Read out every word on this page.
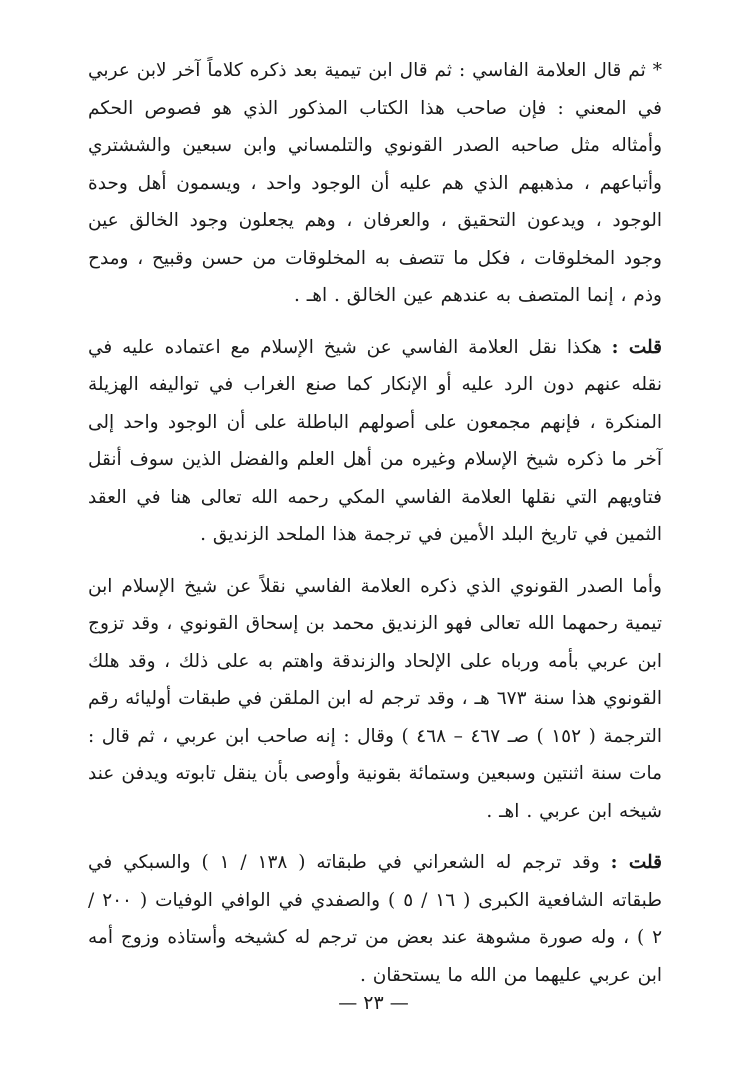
* ثم قال العلامة الفاسي : ثم قال ابن تيمية بعد ذكره كلاماً آخر لابن عربي في المعني : فإن صاحب هذا الكتاب المذكور الذي هو فصوص الحكم وأمثاله مثل صاحبه الصدر القونوي والتلمساني وابن سبعين والششتري وأتباعهم ، مذهبهم الذي هم عليه أن الوجود واحد ، ويسمون أهل وحدة الوجود ، ويدعون التحقيق ، والعرفان ، وهم يجعلون وجود الخالق عين وجود المخلوقات ، فكل ما تتصف به المخلوقات من حسن وقبيح ، ومدح وذم ، إنما المتصف به عندهم عين الخالق . اهـ .

قلت : هكذا نقل العلامة الفاسي عن شيخ الإسلام مع اعتماده عليه في نقله عنهم دون الرد عليه أو الإنكار كما صنع الغراب في تواليفه الهزيلة المنكرة ، فإنهم مجمعون على أصولهم الباطلة على أن الوجود واحد إلى آخر ما ذكره شيخ الإسلام وغيره من أهل العلم والفضل الذين سوف أنقل فتاويهم التي نقلها العلامة الفاسي المكي رحمه الله تعالى هنا في العقد الثمين في تاريخ البلد الأمين في ترجمة هذا الملحد الزنديق .

وأما الصدر القونوي الذي ذكره العلامة الفاسي نقلاً عن شيخ الإسلام ابن تيمية رحمهما الله تعالى فهو الزنديق محمد بن إسحاق القونوي ، وقد تزوج ابن عربي بأمه ورباه على الإلحاد والزندقة واهتم به على ذلك ، وقد هلك القونوي هذا سنة ٦٧٣ هـ ، وقد ترجم له ابن الملقن في طبقات أوليائه رقم الترجمة ( ١٥٢ ) صـ ٤٦٧ – ٤٦٨ ) وقال : إنه صاحب ابن عربي ، ثم قال : مات سنة اثنتين وسبعين وستمائة بقونية وأوصى بأن ينقل تابوته ويدفن عند شيخه ابن عربي . اهـ .

قلت : وقد ترجم له الشعراني في طبقاته ( ١٣٨ / ١ ) والسبكي في طبقاته الشافعية الكبرى ( ١٦ / ٥ ) والصفدي في الوافي الوفيات ( ٢٠٠ / ٢ ) ، وله صورة مشوهة عند بعض من ترجم له كشيخه وأستاذه وزوج أمه ابن عربي عليهما من الله ما يستحقان .

— ٢٣ —
